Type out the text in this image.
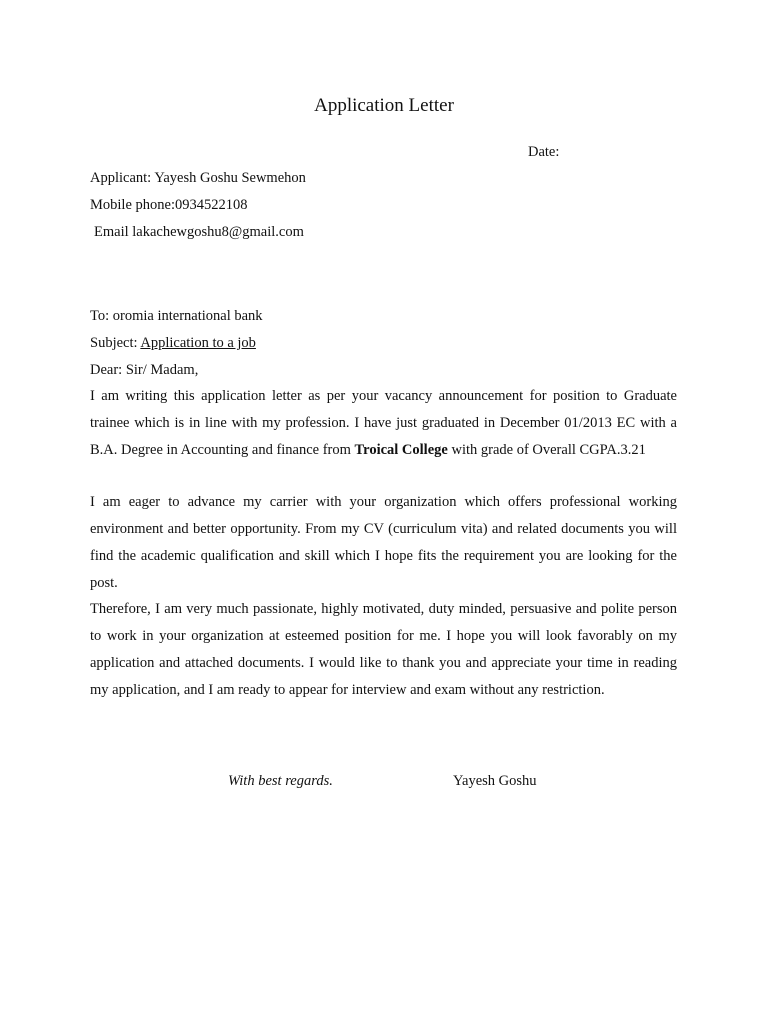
Application Letter
Date:
Applicant: Yayesh Goshu Sewmehon
Mobile phone:0934522108
Email lakachewgoshu8@gmail.com
To: oromia international bank
Subject: Application to a job
Dear: Sir/ Madam,
I am writing this application letter as per your vacancy announcement for position to Graduate trainee which is in line with my profession. I have just graduated in December 01/2013 EC with a B.A. Degree in Accounting and finance from Troical College with grade of Overall CGPA.3.21
I am eager to advance my carrier with your organization which offers professional working environment and better opportunity. From my CV (curriculum vita) and related documents you will find the academic qualification and skill which I hope fits the requirement you are looking for the post.
Therefore, I am very much passionate, highly motivated, duty minded, persuasive and polite person to work in your organization at esteemed position for me. I hope you will look favorably on my application and attached documents. I would like to thank you and appreciate your time in reading my application, and I am ready to appear for interview and exam without any restriction.
With best regards.	Yayesh Goshu
